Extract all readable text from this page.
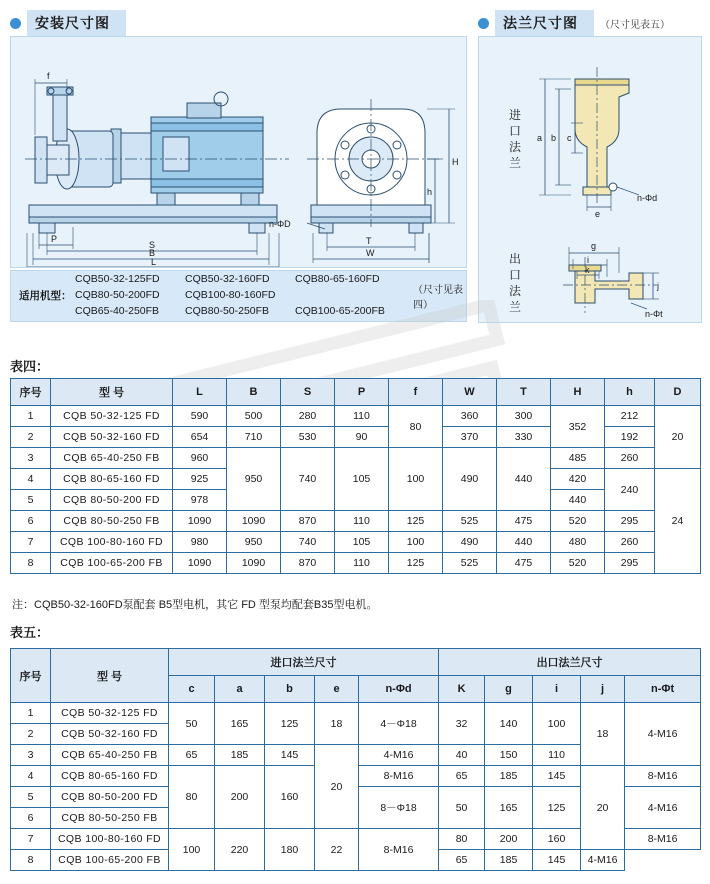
安装尺寸图	法兰尺寸图	（尺寸见表五）
f
H
h
P
S
B
L
T
W
n-ΦD
适用机型：
CQB50-32-125FD	CQB50-32-160FD	CQB80-65-160FD
CQB80-50-200FD	CQB100-80-160FD
CQB65-40-250FB	CQB80-50-250FB	CQB100-65-200FB
（尺寸见表四）
a b c
e
n-Φd
g
i
k
j
n-Φt
进
口
法
兰
出
口
法
兰
表四：
序号	型 号	L	B	S	P	f	W	T	H	h	D
1	CQB 50-32-125 FD	590	500	280	110	80	360	300	352	212	20
2	CQB 50-32-160 FD	654	710	530	90		370	330		192	
3	CQB 65-40-250 FB	960	950	740	105	100	490	440	485	260	
4	CQB 80-65-160 FD	925							420	240	24
5	CQB 80-50-200 FD	978							440		
6	CQB 80-50-250 FB	1090	1090	870	110	125	525	475	520	295	
7	CQB 100-80-160 FD	980	950	740	105	100	490	440	480	260	
8	CQB 100-65-200 FB	1090	1090	870	110	125	525	475	520	295	
注：CQB50-32-160FD泵配套 B5型电机，其它 FD 型泵均配套B35型电机。
表五：
序号	型 号	进口法兰尺寸					出口法兰尺寸				
		c	a	b	e	n-Φd	K	g	i	j	n-Φt
1	CQB 50-32-125 FD	50	165	125	18	4－Φ18	32	140	100	18	4-M16
2	CQB 50-32-160 FD										
3	CQB 65-40-250 FB	65	185	145	20	4-M16	40	150	110		
4	CQB 80-65-160 FD	80	200	160		8-M16	65	185	145	20	8-M16
5	CQB 80-50-200 FD					8－Φ18	50	165	125		4-M16
6	CQB 80-50-250 FB										
7	CQB 100-80-160 FD	100	220	180	22	8-M16	80	200	160		8-M16
8	CQB 100-65-200 FB						65	185	145	4-M16	
